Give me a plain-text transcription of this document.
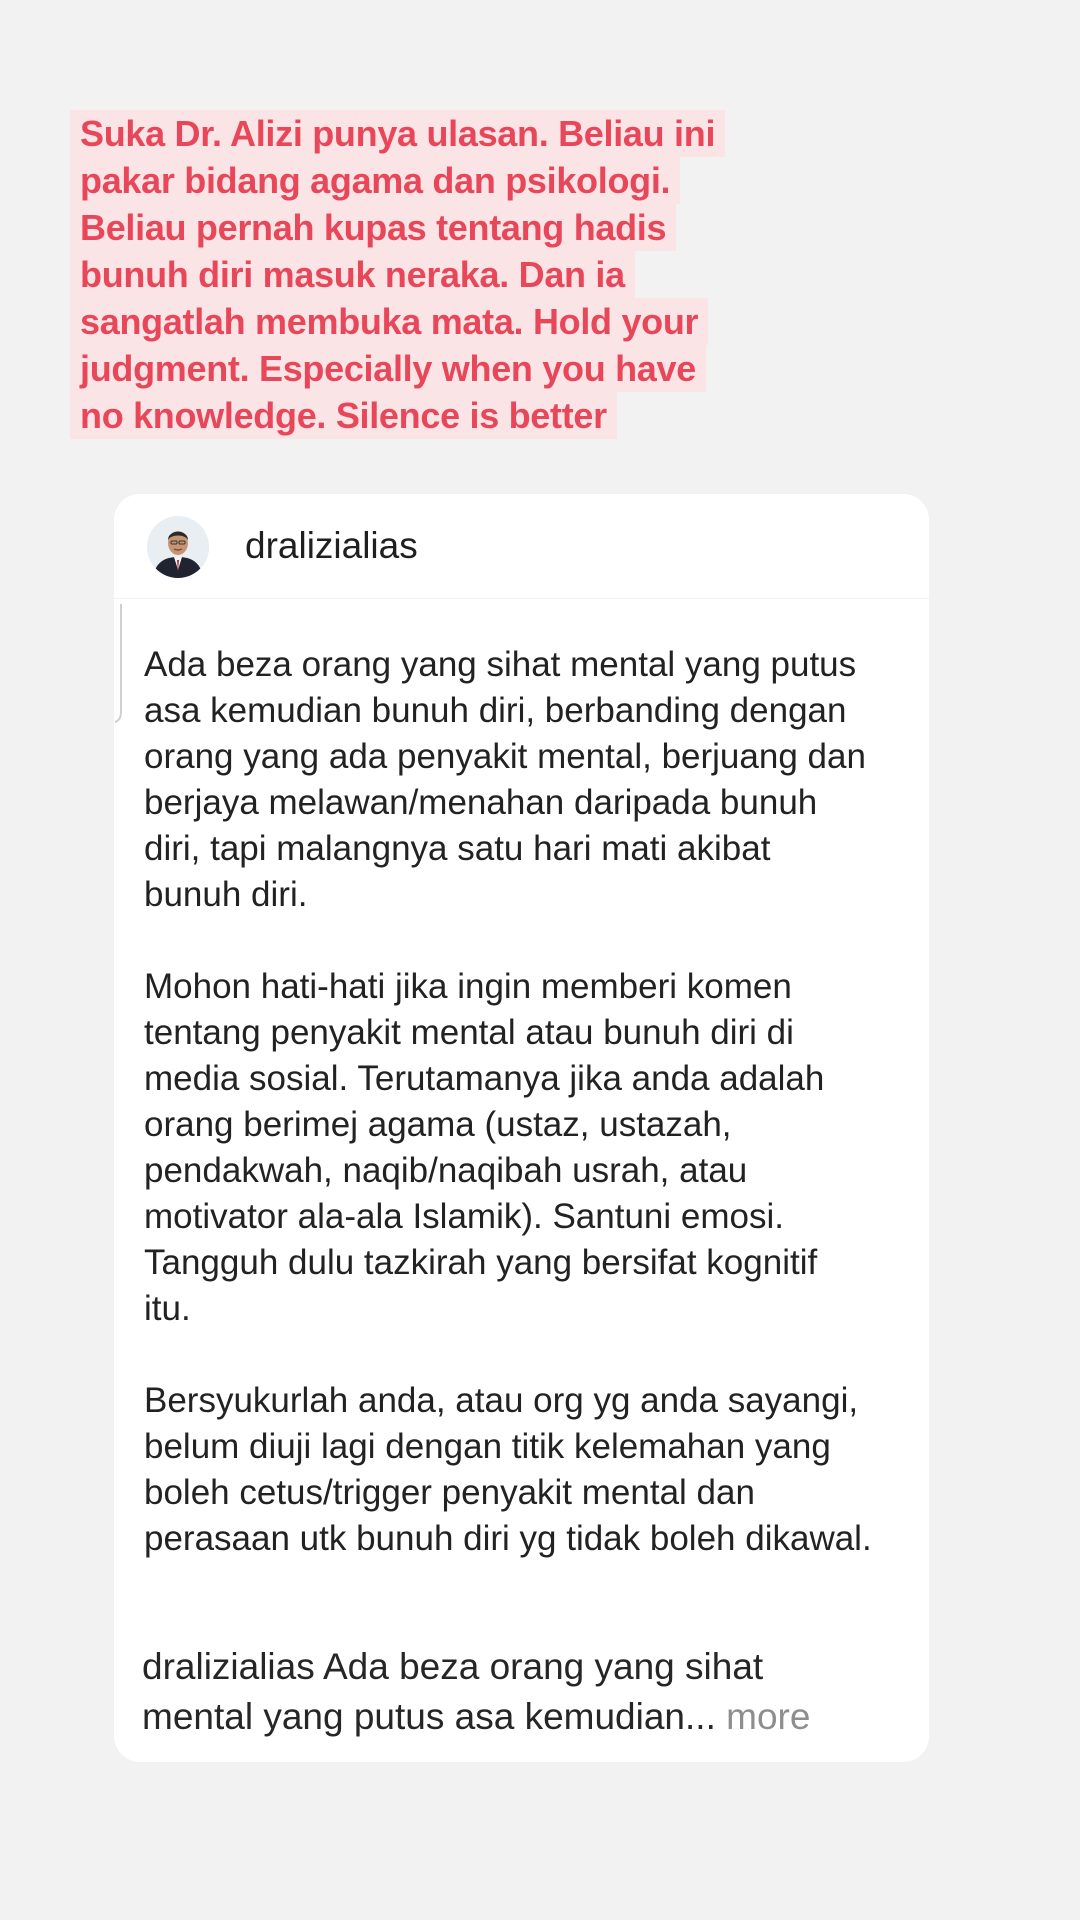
Suka Dr. Alizi punya ulasan. Beliau ini
pakar bidang agama dan psikologi.
Beliau pernah kupas tentang hadis
bunuh diri masuk neraka. Dan ia
sangatlah membuka mata. Hold your
judgment. Especially when you have
no knowledge. Silence is better

dralizialias

Ada beza orang yang sihat mental yang putus
asa kemudian bunuh diri, berbanding dengan
orang yang ada penyakit mental, berjuang dan
berjaya melawan/menahan daripada bunuh
diri, tapi malangnya satu hari mati akibat
bunuh diri.

Mohon hati-hati jika ingin memberi komen
tentang penyakit mental atau bunuh diri di
media sosial. Terutamanya jika anda adalah
orang berimej agama (ustaz, ustazah,
pendakwah, naqib/naqibah usrah, atau
motivator ala-ala Islamik). Santuni emosi.
Tangguh dulu tazkirah yang bersifat kognitif
itu.

Bersyukurlah anda, atau org yg anda sayangi,
belum diuji lagi dengan titik kelemahan yang
boleh cetus/trigger penyakit mental dan
perasaan utk bunuh diri yg tidak boleh dikawal.

dralizialias Ada beza orang yang sihat
mental yang putus asa kemudian... more
